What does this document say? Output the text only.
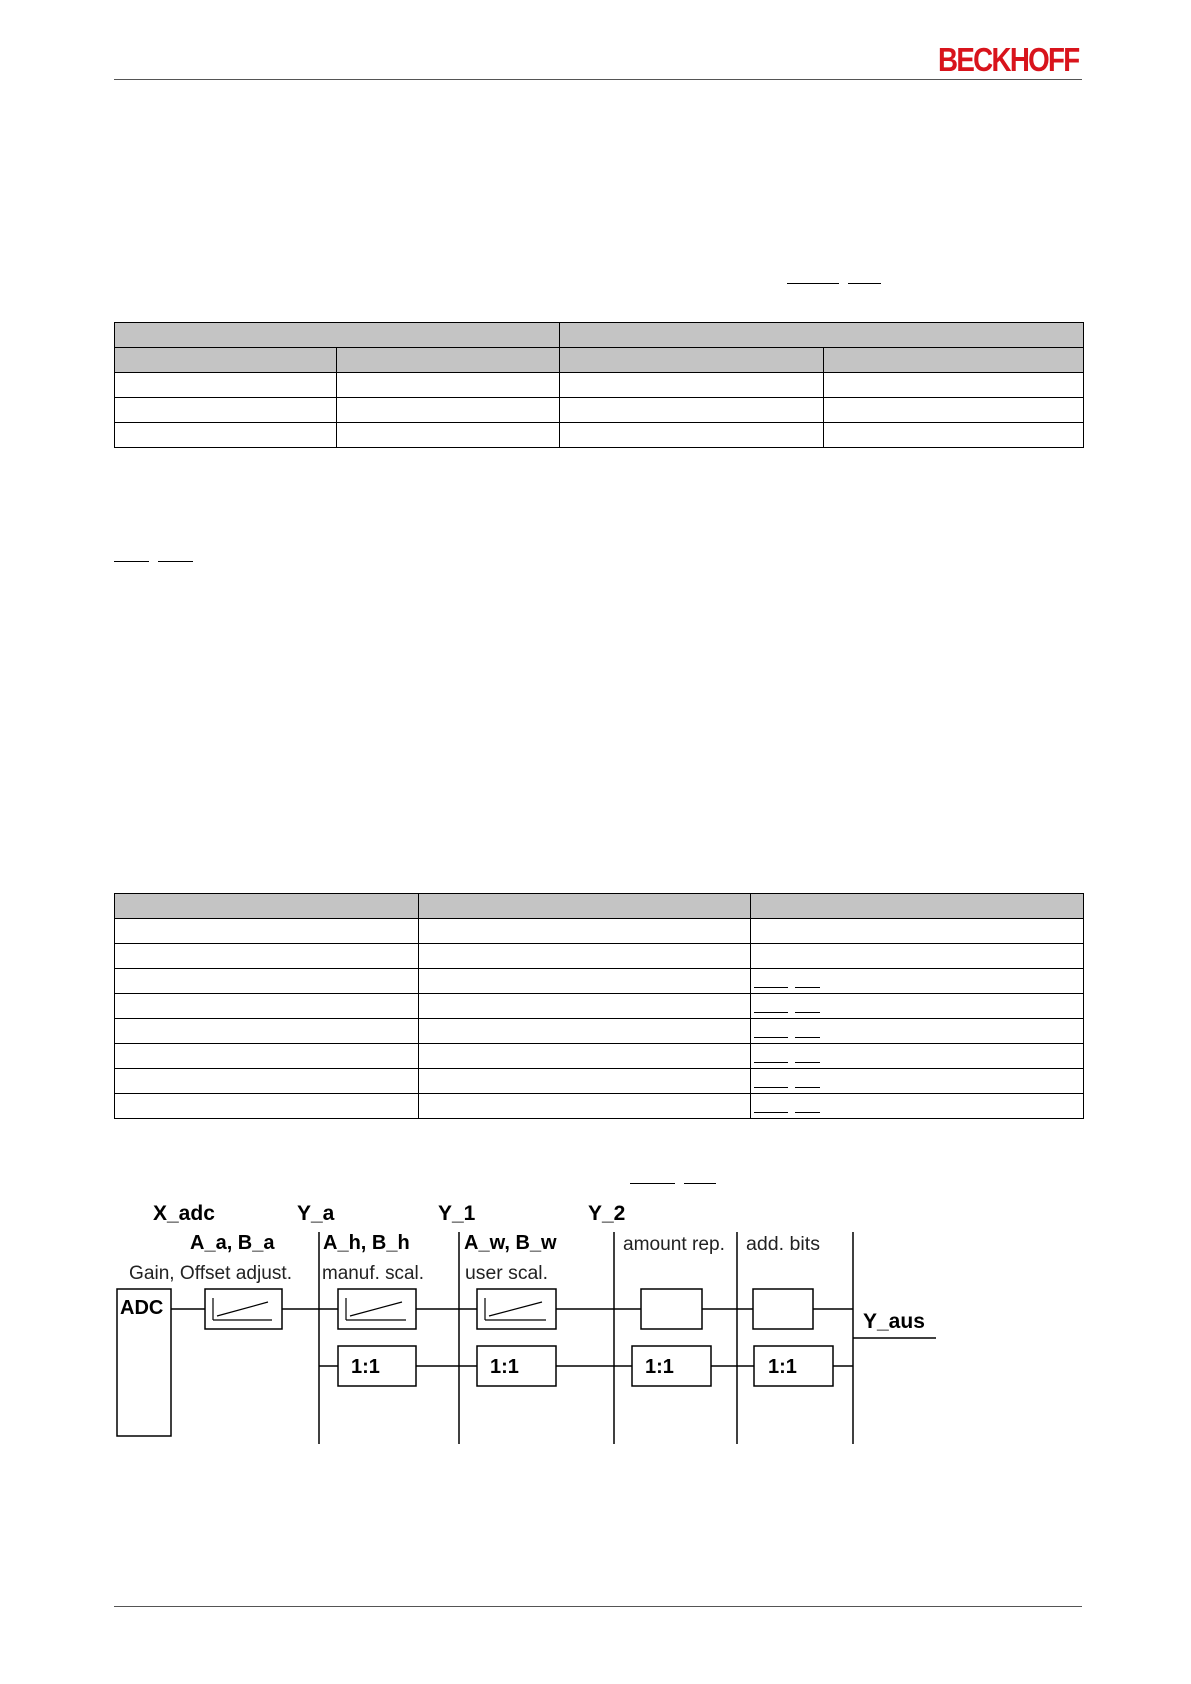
BECKHOFF

X_adc	Y_a	Y_1	Y_2
Y_aus
A_a, B_a A_h, B_h	A_w, B_w
Gain, Offset adjust. manuf. scal. user scal.
amount rep. add. bits
ADC
1:1	1:1	1:1	1:1
